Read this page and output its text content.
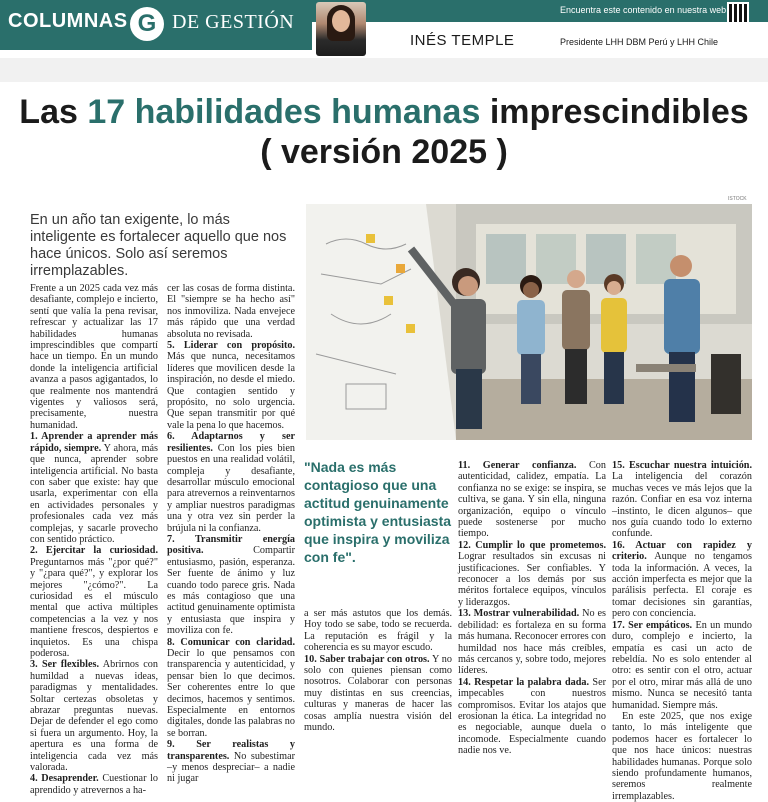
COLUMNAS G DE GESTIÓN
Encuentra este contenido en nuestra web
INÉS TEMPLE	Presidente LHH DBM Perú y LHH Chile
Las 17 habilidades humanas imprescindibles
( versión 2025 )

En un año tan exigente, lo más inteligente es fortalecer aquello que nos hace únicos. Solo así seremos irremplazables.

ISTOCK

"Nada es más contagioso que una actitud genuinamente optimista y entusiasta que inspira y moviliza con fe".

Frente a un 2025 cada vez más desafiante, complejo e incierto, sentí que valía la pena revisar, refrescar y actualizar las 17 habilidades humanas imprescindibles que compartí hace un tiempo. En un mundo donde la inteligencia artificial avanza a pasos agigantados, lo que realmente nos mantendrá vigentes y valiosos será, precisamente, nuestra humanidad.

1. Aprender a aprender más rápido, siempre. Y ahora, más que nunca, aprender sobre inteligencia artificial. No basta con saber que existe: hay que usarla, experimentar con ella en actividades personales y profesionales cada vez más complejas, y sacarle provecho con sentido práctico.

2. Ejercitar la curiosidad. Preguntarnos más "¿por qué?" y "¿para qué?", y explorar los mejores "¿cómo?". La curiosidad es el músculo mental que activa múltiples competencias a la vez y nos mantiene frescos, despiertos e inquietos. Es una chispa poderosa.

3. Ser flexibles. Abrirnos con humildad a nuevas ideas, paradigmas y mentalidades. Soltar certezas obsoletas y abrazar preguntas nuevas. Dejar de defender el ego como si fuera un argumento. Hoy, la apertura es una forma de inteligencia cada vez más valorada.

4. Desaprender. Cuestionar lo aprendido y atrevernos a ha-

cer las cosas de forma distinta. El "siempre se ha hecho así" nos inmoviliza. Nada envejece más rápido que una verdad absoluta no revisada.

5. Liderar con propósito. Más que nunca, necesitamos líderes que movilicen desde la inspiración, no desde el miedo. Que contagien sentido y propósito, no solo urgencia. Que sepan transmitir por qué vale la pena lo que hacemos.

6. Adaptarnos y ser resilientes. Con los pies bien puestos en una realidad volátil, compleja y desafiante, desarrollar músculo emocional para atrevernos a reinventarnos y ampliar nuestros paradigmas una y otra vez sin perder la brújula ni la confianza.

7. Transmitir energía positiva. Compartir entusiasmo, pasión, esperanza. Ser fuente de ánimo y luz cuando todo parece gris. Nada es más contagioso que una actitud genuinamente optimista y entusiasta que inspira y moviliza con fe.

8. Comunicar con claridad. Decir lo que pensamos con transparencia y autenticidad, y pensar bien lo que decimos. Ser coherentes entre lo que decimos, hacemos y sentimos. Especialmente en entornos digitales, donde las palabras no se borran.

9. Ser realistas y transparentes. No subestimar –y menos despreciar– a nadie ni jugar

a ser más astutos que los demás. Hoy todo se sabe, todo se recuerda. La reputación es frágil y la coherencia es su mayor escudo.

10. Saber trabajar con otros. Y no solo con quienes piensan como nosotros. Colaborar con personas muy distintas en sus creencias, culturas y maneras de hacer las cosas amplía nuestra visión del mundo.

11. Generar confianza. Con autenticidad, calidez, empatía. La confianza no se exige: se inspira, se cultiva, se gana. Y sin ella, ninguna organización, equipo o vínculo puede sostenerse por mucho tiempo.

12. Cumplir lo que prometemos. Lograr resultados sin excusas ni justificaciones. Ser confiables. Y reconocer a los demás por sus méritos fortalece equipos, vínculos y liderazgos.

13. Mostrar vulnerabilidad. No es debilidad: es fortaleza en su forma más humana. Reconocer errores con humildad nos hace más creíbles, más cercanos y, sobre todo, mejores líderes.

14. Respetar la palabra dada. Ser impecables con nuestros compromisos. Evitar los atajos que erosionan la ética. La integridad no es negociable, aunque duela o incomode. Especialmente cuando nadie nos ve.

15. Escuchar nuestra intuición. La inteligencia del corazón muchas veces ve más lejos que la razón. Confiar en esa voz interna –instinto, le dicen algunos– que nos guía cuando todo lo externo confunde.

16. Actuar con rapidez y criterio. Aunque no tengamos toda la información. A veces, la acción imperfecta es mejor que la parálisis perfecta. El coraje es tomar decisiones sin garantías, pero con conciencia.

17. Ser empáticos. En un mundo duro, complejo e incierto, la empatía es casi un acto de rebeldía. No es solo entender al otro: es sentir con el otro, actuar por el otro, mirar más allá de uno mismo. Nunca se necesitó tanta humanidad. Siempre más.

En este 2025, que nos exige tanto, lo más inteligente que podemos hacer es fortalecer lo que nos hace únicos: nuestras habilidades humanas. Porque solo siendo profundamente humanos, seremos realmente irremplazables.
